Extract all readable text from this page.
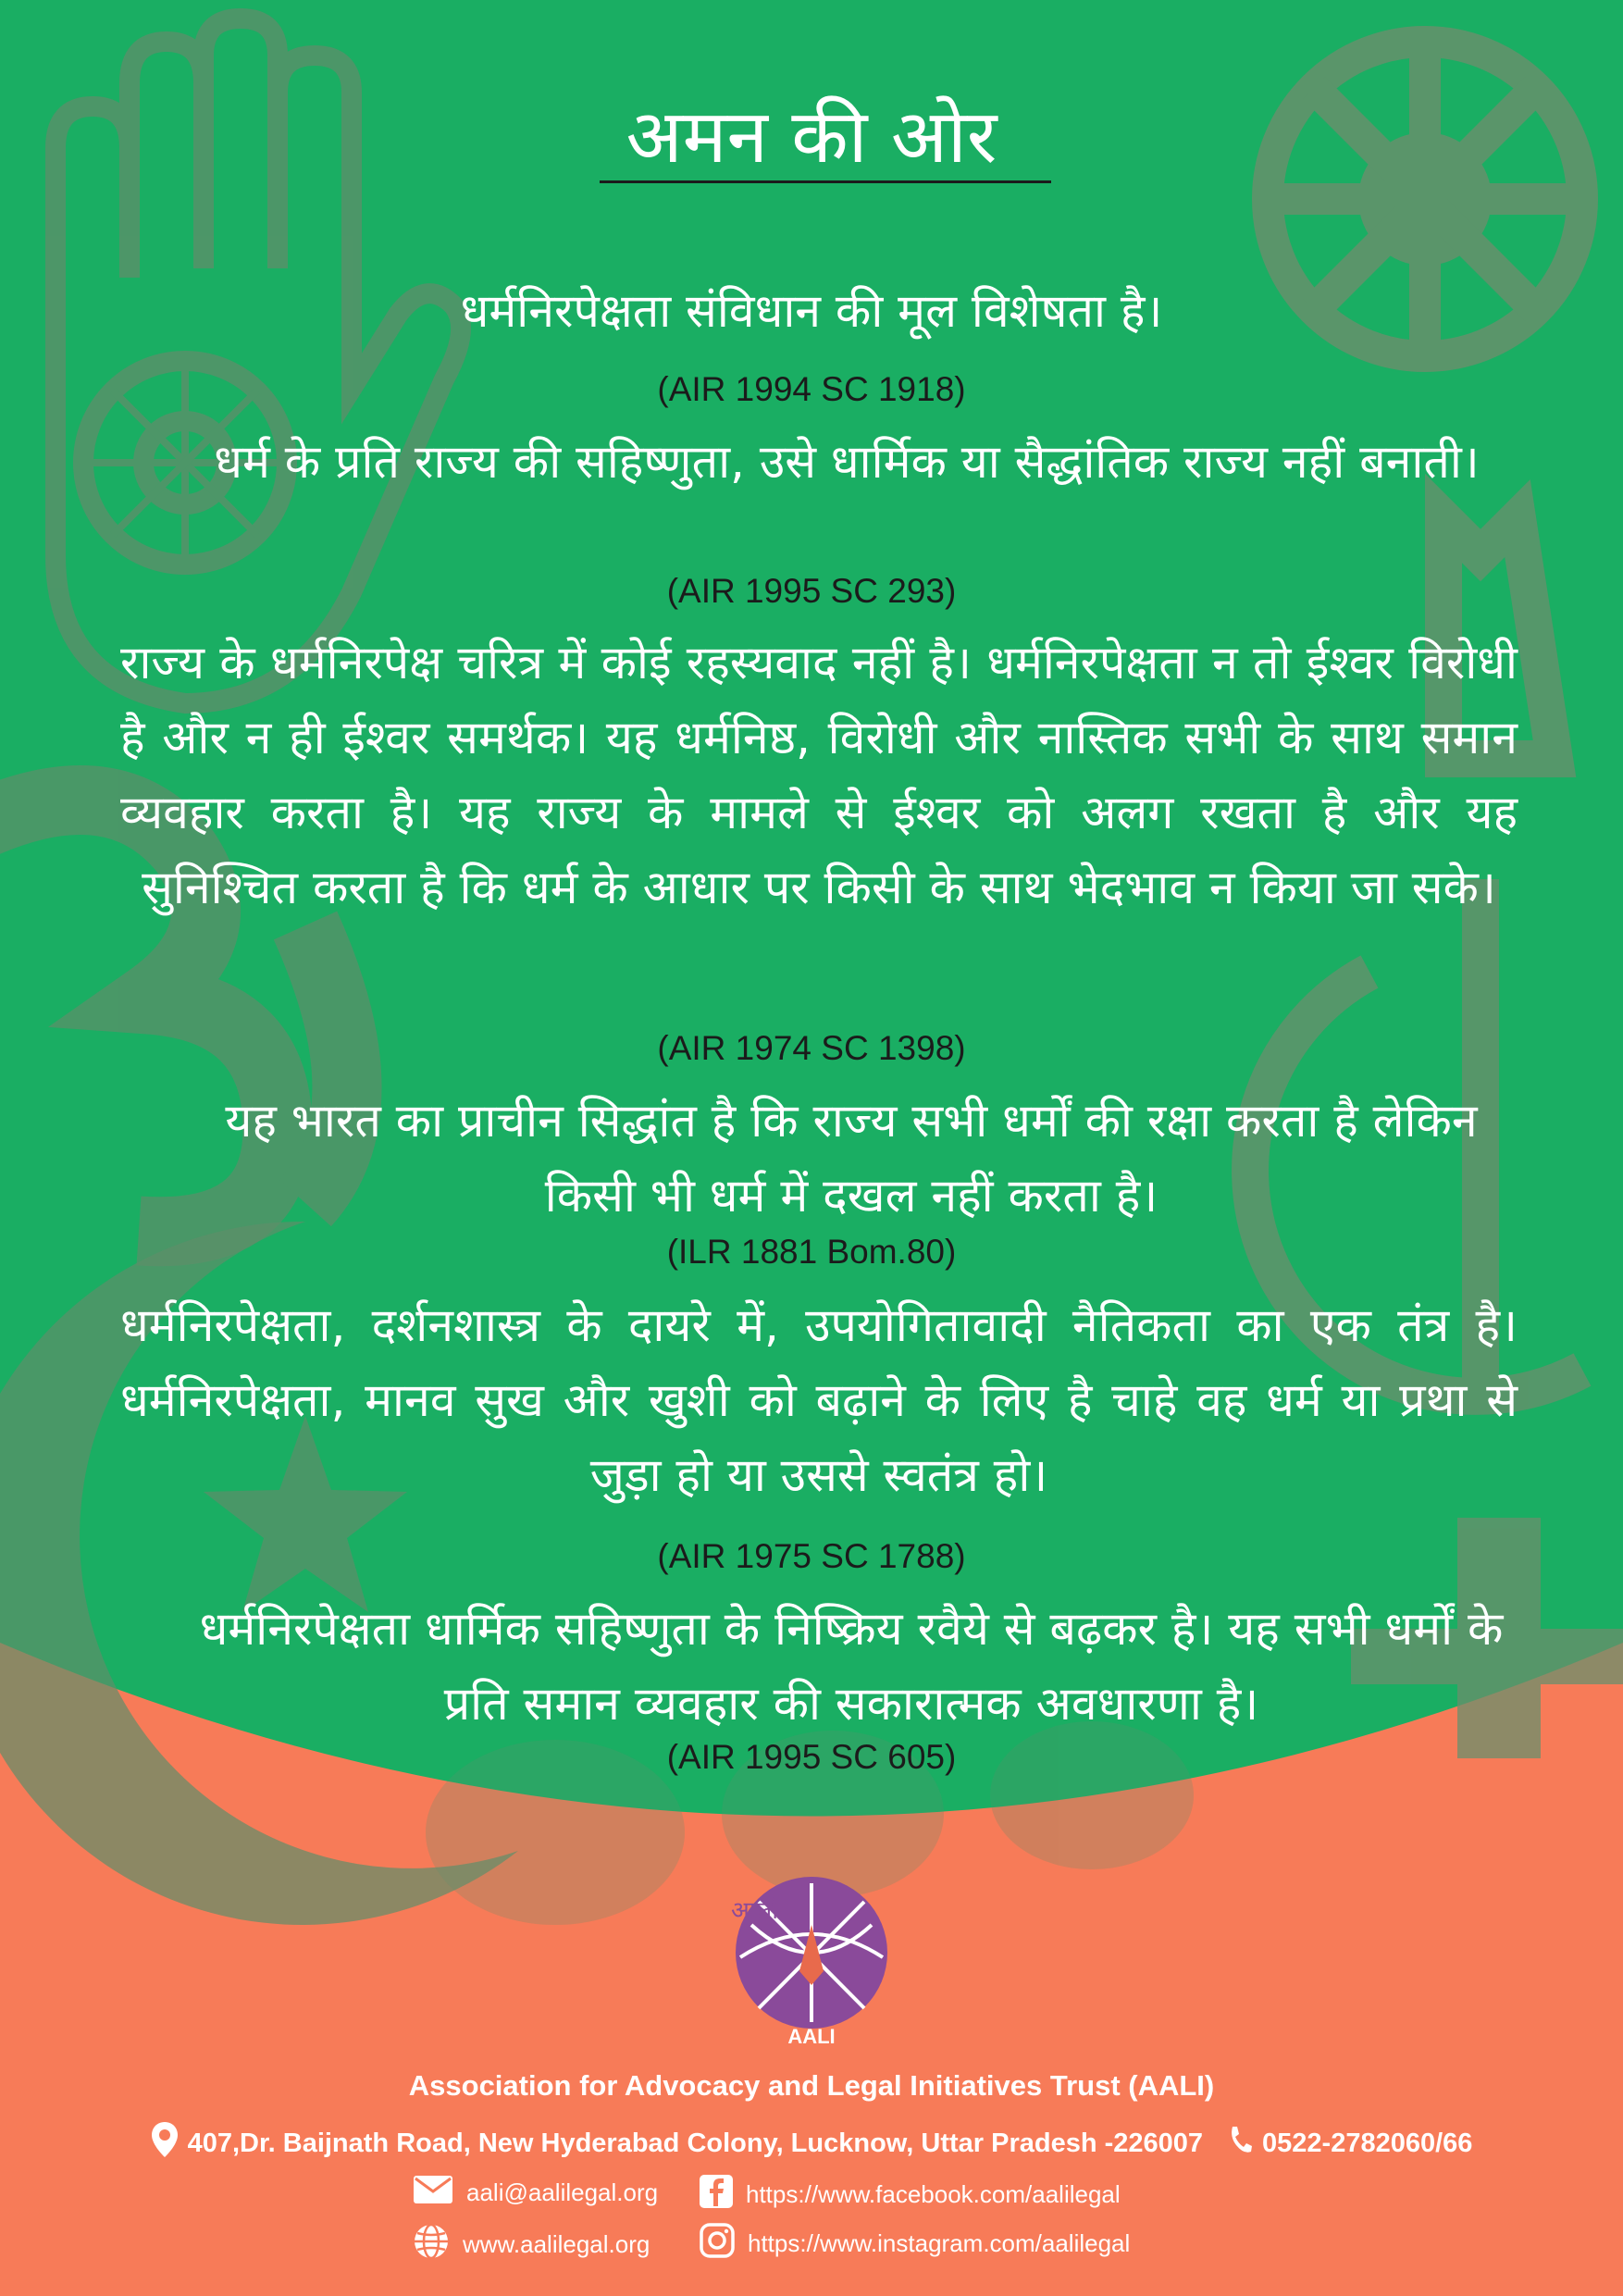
अमन की ओर
धर्मनिरपेक्षता संविधान की मूल विशेषता है।
(AIR 1994 SC 1918)
धर्म के प्रति राज्य की सहिष्णुता, उसे धार्मिक या सैद्धांतिक राज्य नहीं बनाती।
(AIR 1995 SC 293)
राज्य के धर्मनिरपेक्ष चरित्र में कोई रहस्यवाद नहीं है। धर्मनिरपेक्षता न तो ईश्वर विरोधी है और न ही ईश्वर समर्थक। यह धर्मनिष्ठ, विरोधी और नास्तिक सभी के साथ समान व्यवहार करता है। यह राज्य के मामले से ईश्वर को अलग रखता है और यह सुनिश्चित करता है कि धर्म के आधार पर किसी के साथ भेदभाव न किया जा सके।
(AIR 1974 SC 1398)
यह भारत का प्राचीन सिद्धांत है कि राज्य सभी धर्मों की रक्षा करता है लेकिन किसी भी धर्म में दखल नहीं करता है।
(ILR 1881 Bom.80)
धर्मनिरपेक्षता, दर्शनशास्त्र के दायरे में, उपयोगितावादी नैतिकता का एक तंत्र है। धर्मनिरपेक्षता, मानव सुख और खुशी को बढ़ाने के लिए है चाहे वह धर्म या प्रथा से जुड़ा हो या उससे स्वतंत्र हो।
(AIR 1975 SC 1788)
धर्मनिरपेक्षता धार्मिक सहिष्णुता के निष्क्रिय रवैये से बढ़कर है। यह सभी धर्मों के प्रति समान व्यवहार की सकारात्मक अवधारणा है।
(AIR 1995 SC 605)
आली
AALI
Association for Advocacy and Legal Initiatives Trust (AALI)
407,Dr. Baijnath Road, New Hyderabad Colony, Lucknow, Uttar Pradesh -226007 0522-2782060/66
aali@aalilegal.org	https://www.facebook.com/aalilegal
www.aalilegal.org	https://www.instagram.com/aalilegal
